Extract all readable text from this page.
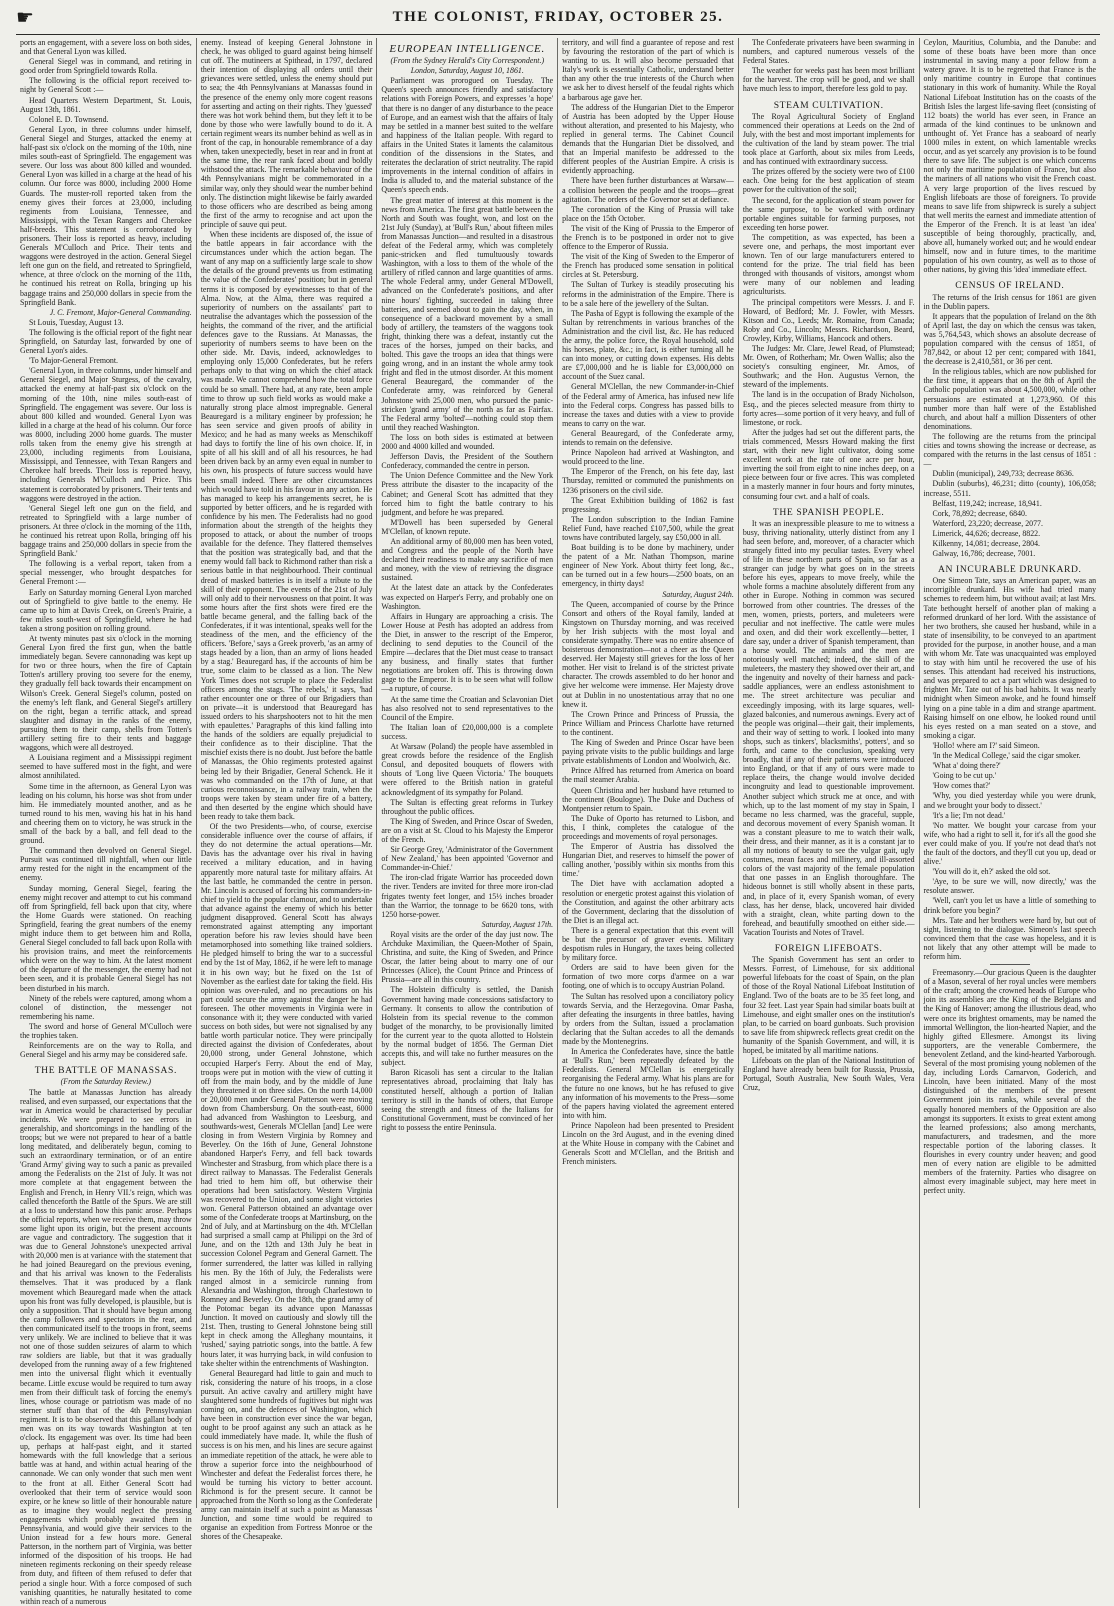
☛	THE COLONIST, FRIDAY, OCTOBER 25.

ports an engagement, with a severe loss on both sides, and that General Lyon was killed.

General Siegel was in command, and retiring in good order from Springfield towards Rolla.

The following is the official report received to-night by General Scott :—

Head Quarters Western Department, St. Louis, August 13th, 1861.

Colonel E. D. Townsend.

General Lyon, in three columns under himself, General Siegel and Sturges, attacked the enemy at half-past six o'clock on the morning of the 10th, nine miles south-east of Springfield. The engagement was severe. Our loss was about 800 killed and wounded. General Lyon was killed in a charge at the head of his column. Our force was 8000, including 2000 Home Guards. The muster-roll reported taken from the enemy gives their forces at 23,000, including regiments from Louisiana, Tennessee, and Mississippi, with the Texan Rangers and Cherokee half-breeds. This statement is corroborated by prisoners. Their loss is reported as heavy, including Generals M'Culloch and Price. Their tents and waggons were destroyed in the action. General Siegel left one gun on the field, and retreated to Springfield, whence, at three o'clock on the morning of the 11th, he continued his retreat on Rolla, bringing up his baggage trains and 250,000 dollars in specie from the Springfield Bank.

J. C. Fremont, Major-General Commanding.

St Louis, Tuesday, August 13.

The following is the official report of the fight near Springfield, on Saturday last, forwarded by one of General Lyon's aides.

'To Major-General Fremont.

'General Lyon, in three columns, under himself and General Siegel, and Major Sturgess, of the cavalry, attacked the enemy at half-past six o'clock on the morning of the 10th, nine miles south-east of Springfield. The engagement was severe. Our loss is about 800 killed and wounded. General Lyon was killed in a charge at the head of his column. Our force was 8000, including 2000 home guards. The muster rolls taken from the enemy give his strength at 23,000, including regiments from Louisiana, Mississippi, and Tennessee, with Texan Rangers and Cherokee half breeds. Their loss is reported heavy, including Generals M'Culloch and Price. This statement is corroborated by prisoners. Their tents and waggons were destroyed in the action.

'General Siegel left one gun on the field, and retreated to Springfield with a large number of prisoners. At three o'clock in the morning of the 11th, he continued his retreat upon Rolla, bringing off his baggage trains and 250,000 dollars in specie from the Springfield Bank.'

The following is a verbal report, taken from a special messenger, who brought despatches for General Fremont :—

Early on Saturday morning General Lyon marched out of Springfield to give battle to the enemy. He came up to him at Davis Creek, on Green's Prairie, a few miles south-west of Springfield, where he had taken a strong position on rolling ground.

At twenty minutes past six o'clock in the morning General Lyon fired the first gun, when the battle immediately began. Severe cannonading was kept up for two or three hours, when the fire of Captain Totten's artillery proving too severe for the enemy, they gradually fell back towards their encampment on Wilson's Creek. General Siegel's column, posted on the enemy's left flank, and General Siegel's artillery on the right, began a terrific attack, and spread slaughter and dismay in the ranks of the enemy, pursuing them to their camp, shells from Totten's artillery setting fire to their tents and baggage waggons, which were all destroyed.

A Louisiana regiment and a Mississippi regiment seemed to have suffered most in the fight, and were almost annihilated.

Some time in the afternoon, as General Lyon was leading on his column, his horse was shot from under him. He immediately mounted another, and as he turned round to his men, waving his hat in his hand and cheering them on to victory, he was struck in the small of the back by a ball, and fell dead to the ground.

The command then devolved on General Siegel. Pursuit was continued till nightfall, when our little army rested for the night in the encampment of the enemy.

Sunday morning, General Siegel, fearing the enemy might recover and attempt to cut his command off from Springfield, fell back upon that city, where the Home Guards were stationed. On reaching Springfield, fearing the great numbers of the enemy might induce them to get between him and Rolla, General Siegel concluded to fall back upon Rolla with his provision trains, and meet the reinforcements which were on the way to him. At the latest moment of the departure of the messenger, the enemy had not been seen, and it is probable General Siegel has not been disturbed in his march.

Ninety of the rebels were captured, among whom a colonel of distinction, the messenger not remembering his name.

The sword and horse of General M'Culloch were the trophies taken.

Reinforcements are on the way to Rolla, and General Siegel and his army may be considered safe.

THE BATTLE OF MANASSAS.

(From the Saturday Review.)

The battle at Manassas Junction has already realised, and even surpassed, our expectations that the war in America would be characterised by peculiar incidents. We were prepared to see errors in generalship, and shortcomings in the handling of the troops; but we were not prepared to hear of a battle long meditated, and deliberately begun, coming to such an extraordinary termination, or of an entire 'Grand Army' giving way to such a panic as prevailed among the Federalists on the 21st of July. It was not more complete at that engagement between the English and French, in Henry VII.'s reign, which was called thenceforth the Battle of the Spurs. We are still at a loss to understand how this panic arose. Perhaps the official reports, when we receive them, may throw some light upon its origin, but the present accounts are vague and contradictory. The suggestion that it was due to General Johnstone's unexpected arrival with 20,000 men is at variance with the statement that he had joined Beauregard on the previous evening, and that his arrival was known to the Federalists themselves. That it was produced by a flank movement which Beauregard made when the attack upon his front was fully developed, is plausible, but is only a supposition. That it should have begun among the camp followers and spectators in the rear, and then communicated itself to the troops in front, seems very unlikely. We are inclined to believe that it was not one of those sudden seizures of alarm to which raw soldiers are liable, but that it was gradually developed from the running away of a few frightened men into the universal flight which it eventually became. Little excuse would be required to turn away men from their difficult task of forcing the enemy's lines, whose courage or patriotism was made of no sterner stuff than that of the 4th Pennsylvanian regiment. It is to be observed that this gallant body of men was on its way towards Washington at ten o'clock. Its engagement was over. Its time had been up, perhaps at half-past eight, and it started homewards with the full knowledge that a serious battle was at hand, and within actual hearing of the cannonade. We can only wonder that such men went to the front at all. Either General Scott had overlooked that their term of service would soon expire, or he knew so little of their honourable nature as to imagine they would neglect the pressing engagements which probably awaited them in Pennsylvania, and would give their services to the Union instead for a few hours more. General Patterson, in the northern part of Virginia, was better informed of the disposition of his troops. He had nineteen regiments reckoning on their speedy release from duty, and fifteen of them refused to defer that period a single hour. With a force composed of such vanishing quantities, he naturally hesitated to come within reach of a numerous

enemy. Instead of keeping General Johnstone in check, he was obliged to guard against being himself cut off. The mutineers at Spithead, in 1797, declared their intention of displaying all orders until their grievances were settled, unless the enemy should put to sea; the 4th Pennsylvanians at Manassas found in the presence of the enemy only more cogent reasons for asserting and acting on their rights. They 'guessed' there was hot work behind them, but they left it to be done by those who were lawfully bound to do it. A certain regiment wears its number behind as well as in front of the cap, in honourable remembrance of a day when, taken unexpectedly, beset in rear and in front at the same time, the rear rank faced about and boldly withstood the attack. The remarkable behaviour of the 4th Pennsylvanians might be commemorated in a similar way, only they should wear the number behind only. The distinction might likewise be fairly awarded to those officers who are described as being among the first of the army to recognise and act upon the principle of sauve qui peut.

When these incidents are disposed of, the issue of the battle appears in fair accordance with the circumstances under which the action began. The want of any map on a sufficiently large scale to show the details of the ground prevents us from estimating the value of the Confederates' position; but in general terms it is composed by eyewitnesses to that of the Alma. Now, at the Alma, there was required a superiority of numbers on the assailants' part to neutralise the advantages which the possession of the heights, the command of the river, and the artificial defences gave to the Russians. At Manassas, the superiority of numbers seems to have been on the other side. Mr. Davis, indeed, acknowledges to employing only 15,000 Confederates, but he refers perhaps only to that wing on which the chief attack was made. We cannot comprehend how the total force could be so small. There had, at any rate, been ample time to throw up such field works as would make a naturally strong place almost impregnable. General Beauregard is a military engineer by profession; he has seen service and given proofs of ability in Mexico; and he had as many weeks as Menschikoff had days to fortify the line of his own choice. If, in spite of all his skill and of all his resources, he had been driven back by an army even equal in number to his own, his prospects of future success would have been small indeed. There are other circumstances which would have told in his favour in any action. He has managed to keep his arrangements secret, he is supported by better officers, and he is regarded with confidence by his men. The Federalists had no good information about the strength of the heights they proposed to attack, or about the number of troops available for the defence. They flattered themselves that the position was strategically bad, and that the enemy would fall back to Richmond rather than risk a serious battle in that neighbourhood. Their continual dread of masked batteries is in itself a tribute to the skill of their opponent. The events of the 21st of July will only add to their nervousness on that point. It was some hours after the first shots were fired ere the battle became general, and the falling back of the Confederates, if it was intentional, speaks well for the steadiness of the men, and the efficiency of the officers. 'Before,' says a Greek proverb, 'as an army of stags headed by a lion, than an army of lions headed by a stag.' Beauregard has, if the accounts of him be true, some claim to be classed as a lion. The New York Times does not scruple to place the Federalist officers among the stags. 'The rebels,' it says, 'had rather encounter one or three of our Brigadiers than on private—it is understood that Beauregard has issued orders to his sharpshooters not to hit the men with epaulettes.' Paragraphs of this kind falling into the hands of the soldiers are equally prejudicial to their confidence as to their discipline. That the mischief exists there is no doubt. Just before the battle of Manassas, the Ohio regiments protested against being led by their Brigadier, General Schenck. He it was who commanded on the 17th of June, at that curious reconnoissance, in a railway train, when the troops were taken by steam under fire of a battery, and then deserted by the engine which should have been ready to take them back.

Of the two Presidents—who, of course, exercise considerable influence over the course of affairs, if they do not determine the actual operations—Mr. Davis has the advantage over his rival in having received a military education, and in having apparently more natural taste for military affairs. At the last battle, he commanded the centre in person. Mr. Lincoln is accused of forcing his commanders-in-chief to yield to the popular clamour, and to undertake that advance against the enemy of which his better judgment disapproved. General Scott has always remonstrated against attempting any important operation before his raw levies should have been metamorphosed into something like trained soldiers. He pledged himself to bring the war to a successful end by the 1st of May, 1862, if he were left to manage it in his own way; but he fixed on the 1st of November as the earliest date for taking the field. His opinion was over-ruled, and no precautions on his part could secure the army against the danger he had foreseen. The other movements in Virginia were in consonance with it; they were conducted with varied success on both sides, but were not signalised by any battle worth particular notice. They were principally directed against the division of Confederates, about 20,000 strong, under General Johnstone, which occupied Harper's Ferry. About the end of May, troops were put in motion with the view of cutting it off from the main body, and by the middle of June they threatened it on three sides. On the north 14,000 or 20,000 men under General Patterson were moving down from Chambersburg. On the south-east, 6000 had advanced from Washington to Leesburg, and southwards-west, Generals M'Clellan [and] Lee were closing in from Western Virginia by Romney and Beverley. On the 16th of June, General Johnstone abandoned Harper's Ferry, and fell back towards Winchester and Strasburg, from which place there is a direct railway to Manassas. The Federalist Generals had tried to hem him off, but otherwise their operations had been satisfactory. Western Virginia was recovered to the Union, and some slight victories won. General Patterson obtained an advantage over some of the Confederate troops at Martinsburg, on the 2nd of July, and at Martinsburg on the 4th. M'Clellan had surprised a small camp at Philippi on the 3rd of June, and on the 12th and 13th July he beat in succession Colonel Pegram and General Garnett. The former surrendered, the latter was killed in rallying his men. By the 16th of July, the Federalists were ranged almost in a semicircle running from Alexandria and Washington, through Charlestown to Romney and Beverley. On the 18th, the grand army of the Potomac began its advance upon Manassas Junction. It moved on cautiously and slowly till the 21st. Then, trusting to General Johnstone being still kept in check among the Alleghany mountains, it 'rushed,' saying patriotic songs, into the battle. A few hours later, it was hurrying back, in wild confusion to take shelter within the entrenchments of Washington.

General Beauregard had little to gain and much to risk, considering the nature of his troops, in a close pursuit. An active cavalry and artillery might have slaughtered some hundreds of fugitives but night was coming on, and the defences of Washington, which have been in construction ever since the war began, ought to be proof against any such an attack as he could immediately have made. It, while the flush of success is on his men, and his lines are secure against an immediate repetition of the attack, he were able to throw a superior force into the neighbourhood of Winchester and defeat the Federalist forces there, he would be turning his victory to better account. Richmond is for the present secure. It cannot be approached from the North so long as the Confederate army can maintain itself at such a point as Manassas Junction, and some time would be required to organise an expedition from Fortress Monroe or the shores of the Chesapeake.

EUROPEAN INTELLIGENCE.

(From the Sydney Herald's City Correspondent.)

London, Saturday, August 10, 1861.

Parliament was prorogued on Tuesday. The Queen's speech announces friendly and satisfactory relations with Foreign Powers, and expresses 'a hope' that there is no danger of any disturbance to the peace of Europe, and an earnest wish that the affairs of Italy may be settled in a manner best suited to the welfare and happiness of the Italian people. With regard to affairs in the United States it laments the calamitous condition of the dissensions in the States, and reiterates the declaration of strict neutrality. The rapid improvements in the internal condition of affairs in India is alluded to, and the material substance of the Queen's speech ends.

The great matter of interest at this moment is the news from America. The first great battle between the North and South was fought, won, and lost on the 21st July (Sunday), at 'Bull's Run,' about fifteen miles from Manassas Junction—and resulted in a disastrous defeat of the Federal army, which was completely panic-stricken and fled tumultuously towards Washington, with a loss to them of the whole of the artillery of rifled cannon and large quantities of arms. The whole Federal army, under General M'Dowell, advanced on the Confederate's positions, and after nine hours' fighting, succeeded in taking three batteries, and seemed about to gain the day, when, in consequence of a backward movement by a small body of artillery, the teamsters of the waggons took fright, thinking there was a defeat, instantly cut the traces of the horses, jumped on their backs, and bolted. This gave the troops an idea that things were going wrong, and in an instant the whole army took fright and fled in the utmost disorder. At this moment General Beauregard, the commander of the Confederate army, was reinforced by General Johnstone with 25,000 men, who pursued the panic-stricken 'grand army' of the north as far as Fairfax. The Federal army 'bolted'—nothing could stop them until they reached Washington.

The loss on both sides is estimated at between 2000 and 4000 killed and wounded.

Jefferson Davis, the President of the Southern Confederacy, commanded the centre in person.

The Union Defence Committee and the New York Press attribute the disaster to the incapacity of the Cabinet; and General Scott has admitted that they forced him to fight the battle contrary to his judgment, and before he was prepared.

M'Dowell has been superseded by General M'Clellan, of known repute.

An additional army of 80,000 men has been voted, and Congress and the people of the North have declared their readiness to make any sacrifice of men and money, with the view of retrieving the disgrace sustained.

At the latest date an attack by the Confederates was expected on Harper's Ferry, and probably one on Washington.

Affairs in Hungary are approaching a crisis. The Lower House at Pesth has adopted an address from the Diet, in answer to the rescript of the Emperor, declining to send deputies to the Council of the Empire —declares that the Diet must cease to transact any business, and finally states that further negotiations are broken off. This is throwing down gage to the Emperor. It is to be seen what will follow—a rupture, of course.

At the same time the Croatian and Sclavonian Diet has also resolved not to send representatives to the Council of the Empire.

The Italian loan of £20,000,000 is a complete success.

At Warsaw (Poland) the people have assembled in great crowds before the residence of the English Consul, and deposited bouquets of flowers with shouts of 'Long live Queen Victoria.' The bouquets were offered to the British nation in grateful acknowledgment of its sympathy for Poland.

The Sultan is effecting great reforms in Turkey throughout the public offices.

The King of Sweden, and Prince Oscar of Sweden, are on a visit at St. Cloud to his Majesty the Emperor of the French.

Sir George Grey, 'Administrator of the Government of New Zealand,' has been appointed 'Governor and Commander-in-Chief.'

The iron-clad frigate Warrior has proceeded down the river. Tenders are invited for three more iron-clad frigates twenty feet longer, and 15½ inches broader than the Warrior, the tonnage to be 6620 tons, with 1250 horse-power.

Saturday, August 17th.

Royal visits are the order of the day just now. The Archduke Maximilian, the Queen-Mother of Spain, Christina, and suite, the King of Sweden, and Prince Oscar, the latter being about to marry one of our Princesses (Alice), the Count Prince and Princess of Prussia—are all in this country.

The Holstein difficulty is settled, the Danish Government having made concessions satisfactory to Germany. It consents to allow the contribution of Holstein from its special revenue to the common budget of the monarchy, to be provisionally limited for the current year to the quota allotted to Holstein by the normal budget of 1856. The German Diet accepts this, and will take no further measures on the subject.

Baron Ricasoli has sent a circular to the Italian representatives abroad, proclaiming that Italy has constituted herself, although a portion of Italian territory is still in the hands of others, that Europe seeing the strength and fitness of the Italians for Constitutional Government, must be convinced of her right to possess the entire Peninsula.

territory, and will find a guarantee of repose and rest by favouring the restoration of the part of which is wanting to us. It will also become persuaded that Italy's work is essentially Catholic, understand better than any other the true interests of the Church when we ask her to divest herself of the feudal rights which a barbarous age gave her.

The address of the Hungarian Diet to the Emperor of Austria has been adopted by the Upper House without alteration, and presented to his Majesty, who replied in general terms. The Cabinet Council demands that the Hungarian Diet be dissolved, and that an Imperial manifesto be addressed to the different peoples of the Austrian Empire. A crisis is evidently approaching.

There have been further disturbances at Warsaw—a collision between the people and the troops—great agitation. The orders of the Governor set at defiance.

The coronation of the King of Prussia will take place on the 15th October.

The visit of the King of Prussia to the Emperor of the French is to be postponed in order not to give offence to the Emperor of Russia.

The visit of the King of Sweden to the Emperor of the French has produced some sensation in political circles at St. Petersburg.

The Sultan of Turkey is steadily prosecuting his reforms in the administration of the Empire. There is to be a sale here of the jewellery of the Sultan.

The Pasha of Egypt is following the example of the Sultan by retrenchments in various branches of the Administration and the civil list, &c. He has reduced the army, the police force, the Royal household, sold his horses, plate, &c.; in fact, is either turning all he can into money, or cutting down expenses. His debts are £7,000,000 and he is liable for £3,000,000 on account of the Suez canal.

General M'Clellan, the new Commander-in-Chief of the Federal army of America, has infused new life into the Federal corps. Congress has passed bills to increase the taxes and duties with a view to provide means to carry on the war.

General Beauregard, of the Confederate army, intends to remain on the defensive.

Prince Napoleon had arrived at Washington, and would proceed to the line.

The Emperor of the French, on his fete day, last Thursday, remitted or commuted the punishments on 1236 prisoners on the civil side.

The Great Exhibition building of 1862 is fast progressing.

The London subscription to the Indian Famine Relief Fund, have reached £107,500, while the great towns have contributed largely, say £50,000 in all.

Boat building is to be done by machinery, under the patent of a Mr. Nathan Thompson, marine engineer of New York. About thirty feet long, &c., can be turned out in a few hours—2500 boats, on an emergency, in thirty days!

Saturday, August 24th.

The Queen, accompanied of course by the Prince Consort and others of the Royal family, landed at Kingstown on Thursday morning, and was received by her Irish subjects with the most loyal and considerate sympathy. There was no entire absence of boisterous demonstration—not a cheer as the Queen deserved. Her Majesty still grieves for the loss of her mother. Her visit to Ireland is of the strictest private character. The crowds assembled to do her honor and give her welcome were immense. Her Majesty drove out at Dublin in no unostentatious array that no one knew it.

The Crown Prince and Princess of Prussia, the Prince William and Princess Charlotte have returned to the continent.

The King of Sweden and Prince Oscar have been paying private visits to the public buildings and large private establishments of London and Woolwich, &c.

Prince Alfred has returned from America on board the mail steamer Arabia.

Queen Christina and her husband have returned to the continent (Boulogne). The Duke and Duchess of Montpensier return to Spain.

The Duke of Oporto has returned to Lisbon, and this, I think, completes the catalogue of the proceedings and movements of royal personages.

The Emperor of Austria has dissolved the Hungarian Diet, and reserves to himself the power of calling another, 'possibly within six months from this time.'

The Diet have with acclamation adopted a resolution or energetic protest against this violation of the Constitution, and against the other arbitrary acts of the Government, declaring that the dissolution of the Diet is an illegal act.

There is a general expectation that this event will be but the precursor of graver events. Military despotism rules in Hungary, the taxes being collected by military force.

Orders are said to have been given for the formation of two more corps d'armee on a war footing, one of which is to occupy Austrian Poland.

The Sultan has resolved upon a conciliatory policy towards Servia, and the Herzegovina. Omar Pasha, after defeating the insurgents in three battles, having by orders from the Sultan, issued a proclamation declaring that the Sultan accedes to all the demands made by the Montenegrins.

In America the Confederates have, since the battle at 'Bull's Run,' been repeatedly defeated by the Federalists. General M'Clellan is energetically reorganising the Federal army. What his plans are for the future no one knows, but he has refused to give any information of his movements to the Press—some of the papers having violated the agreement entered into with him.

Prince Napoleon had been presented to President Lincoln on the 3rd August, and in the evening dined at the White House in company with the Cabinet and Generals Scott and M'Clellan, and the British and French ministers.

The Confederate privateers have been swarming in numbers, and captured numerous vessels of the Federal States.

The weather for weeks past has been most brilliant for the harvest. The crop will be good, and we shall have much less to import, therefore less gold to pay.

STEAM CULTIVATION.

The Royal Agricultural Society of England commenced their operations at Leeds on the 2nd of July, with the best and most important implements for the cultivation of the land by steam power. The trial took place at Garforth, about six miles from Leeds, and has continued with extraordinary success.

The prizes offered by the society were two of £100 each. One being for the best application of steam power for the cultivation of the soil;

The second, for the application of steam power for the same purpose, to be worked with ordinary portable engines suitable for farming purposes, not exceeding ten horse power.

The competition, as was expected, has been a severe one, and perhaps, the most important ever known. Ten of our large manufacturers entered to contend for the prize. The trial field has been thronged with thousands of visitors, amongst whom were many of our noblemen and leading agriculturists.

The principal competitors were Messrs. J. and F. Howard, of Bedford; Mr. J. Fowler, with Messrs. Kitson and Co., Leeds; Mr. Romaine, from Canada; Roby and Co., Lincoln; Messrs. Richardson, Beard, Crowley, Kirby, Williams, Hancock and others.

The Judges: Mr. Clare, Jewel Read, of Plumstead; Mr. Owen, of Rotherham; Mr. Owen Wallis; also the society's consulting engineer, Mr. Amos, of Southwark; and the Hon. Augustus Vernon, the steward of the implements.

The land is in the occupation of Brady Nicholson, Esq., and the pieces selected measure from thirty to forty acres—some portion of it very heavy, and full of limestone, or rock.

After the judges had set out the different parts, the trials commenced, Messrs Howard making the first start, with their new light cultivator, doing some excellent work at the rate of one acre per hour, inverting the soil from eight to nine inches deep, on a piece between four or five acres. This was completed in a masterly manner in four hours and forty minutes, consuming four cwt. and a half of coals.

THE SPANISH PEOPLE.

It was an inexpressible pleasure to me to witness a busy, thriving nationality, utterly distinct from any I had seen before, and, moreover, of a character which strangely fitted into my peculiar tastes. Every wheel of life in these northern parts of Spain, so far as a stranger can judge by what goes on in the streets before his eyes, appears to move freely, while the whole forms a machine absolutely different from any other in Europe. Nothing in common was secured borrowed from other countries. The dresses of the men, women, priests, porters, and muleteers were peculiar and not ineffective. The cattle were mules and oxen, and did their work excellently—better, I dare say, under a driver of Spanish temperament, than a horse would. The animals and the men are notoriously well matched; indeed, the skill of the muleteers, the mastery they showed over their art, and the ingenuity and novelty of their harness and pack-saddle appliances, were an endless astonishment to me. The street architecture was peculiar and exceedingly imposing, with its large squares, well-glazed balconies, and numerous awnings. Every act of the people was original—their gait, their implements, and their way of setting to work. I looked into many shops, such as tinkers', blacksmiths', potters', and so forth, and came to the conclusion, speaking very broadly, that if any of their patterns were introduced into England, or that if any of ours were made to replace theirs, the change would involve decided incongruity and lead to questionable improvement. Another subject which struck me at once, and with which, up to the last moment of my stay in Spain, I became no less charmed, was the graceful, supple, and decorous movement of every Spanish woman. It was a constant pleasure to me to watch their walk, their dress, and their manner, as it is a constant jar to all my notions of beauty to see the vulgar gait, ugly costumes, mean faces and millinery, and ill-assorted colors of the vast majority of the female population that one passes in an English thoroughfare. The hideous bonnet is still wholly absent in these parts, and, in place of it, every Spanish woman, of every class, has her dense, black, uncovered hair divided with a straight, clean, white parting down to the forehead, and beautifully smoothed on either side.—Vacation Tourists and Notes of Travel.

FOREIGN LIFEBOATS.

The Spanish Government has sent an order to Messrs. Forrest, of Limehouse, for six additional powerful lifeboats for the coast of Spain, on the plan of those of the Royal National Lifeboat Institution of England. Two of the boats are to be 35 feet long, and four 32 feet. Last year Spain had similar boats built at Limehouse, and eight smaller ones on the institution's plan, to be carried on board gunboats. Such provision to save life from shipwreck reflects great credit on the humanity of the Spanish Government, and will, it is hoped, be imitated by all maritime nations.

Lifeboats on the plan of the National Institution of England have already been built for Russia, Prussia, Portugal, South Australia, New South Wales, Vera Cruz,

Ceylon, Mauritius, Columbia, and the Danube: and some of these boats have been more than once instrumental in saving many a poor fellow from a watery grave. It is to be regretted that France is the only maritime country in Europe that continues stationary in this work of humanity. While the Royal National Lifeboat Institution has on the coasts of the British Isles the largest life-saving fleet (consisting of 112 boats) the world has ever seen, in France an armada of the kind continues to be unknown and unthought of. Yet France has a seaboard of nearly 1000 miles in extent, on which lamentable wrecks occur, and as yet scarcely any provision is to be found there to save life. The subject is one which concerns not only the maritime population of France, but also the mariners of all nations who visit the French coast. A very large proportion of the lives rescued by English lifeboats are those of foreigners. To provide means to save life from shipwreck is surely a subject that well merits the earnest and immediate attention of the Emperor of the French. It is at least 'an idea' susceptible of being thoroughly, practically, and, above all, humanely worked out; and he would endear himself, now and in future times, to the maritime population of his own country, as well as to those of other nations, by giving this 'idea' immediate effect.

CENSUS OF IRELAND.

The returns of the Irish census for 1861 are given in the Dublin papers.

It appears that the population of Ireland on the 8th of April last, the day on which the census was taken, was 5,764,543, which shows an absolute decrease of population compared with the census of 1851, of 787,842, or about 12 per cent; compared with 1841, the decrease is 2,410,581, or 36 per cent.

In the religious tables, which are now published for the first time, it appears that on the 8th of April the Catholic population was about 4,500,000, while other persuasions are estimated at 1,273,960. Of this number more than half were of the Established church, and about half a million Dissenters of other denominations.

The following are the returns from the principal cities and towns showing the increase or decrease, as compared with the returns in the last census of 1851 :—

Dublin (municipal), 249,733; decrease 8636.

Dublin (suburbs), 46,231; ditto (county), 106,058; increase, 5511.

Belfast, 119,242; increase, 18,941.

Cork, 78,892; decrease, 6840.

Waterford, 23,220; decrease, 2077.

Limerick, 44,626; decrease, 8822.

Kilkenny, 14,081; decrease, 2804.

Galway, 16,786; decrease, 7001.

AN INCURABLE DRUNKARD.

One Simeon Tate, says an American paper, was an incorrigible drunkard. His wife had tried many schemes to redeem him, but without avail; at last Mrs. Tate bethought herself of another plan of making a reformed drunkard of her lord. With the assistance of her two brothers, she caused her husband, while in a state of insensibility, to be conveyed to an apartment provided for the purpose, in another house, and a man with whom Mr. Tate was unacquainted was employed to stay with him until he recovered the use of his senses. This attendant had received his instructions, and was prepared to act a part which was designed to frighten Mr. Tate out of his bad habits. It was nearly midnight when Simeon awoke, and he found himself lying on a pine table in a dim and strange apartment. Raising himself on one elbow, he looked round until his eyes rested on a man seated on a stove, and smoking a cigar.

'Hollo! where am I?' said Simeon.

'In the Medical College,' said the cigar smoker.

'What a' doing there?'

'Going to be cut up.'

'How comes that?'

'Why, you died yesterday while you were drunk, and we brought your body to dissect.'

'It's a lie; I'm not dead.'

'No matter. We bought your carcase from your wife, who had a right to sell it, for it's all the good she ever could make of you. If you're not dead that's not the fault of the doctors, and they'll cut you up, dead or alive.'

'You will do it, eh?' asked the old sot.

'Aye, to be sure we will, now directly,' was the resolute answer.

'Well, can't you let us have a little of something to drink before you begin?'

Mrs. Tate and her brothers were hard by, but out of sight, listening to the dialogue. Simeon's last speech convinced them that the case was hopeless, and it is not likely that any other attempt will be made to reform him.

Freemasonry.—Our gracious Queen is the daughter of a Mason, several of her royal uncles were members of the craft; among the crowned heads of Europe who join its assemblies are the King of the Belgians and the King of Hanover; among the illustrious dead, who were once its brightest ornaments, may be named the immortal Wellington, the lion-hearted Napier, and the highly gifted Ellesmere. Amongst its living supporters, are the venerable Combermere, the benevolent Zetland, and the kind-hearted Yarborough. Several of the most promising young noblemen of the day, including Lords Carnarvon, Goderich, and Lincoln, have been initiated. Many of the most distinguished of the members of the present Government join its ranks, while several of the equally honored members of the Opposition are also amongst its supporters. It exists to great extent among the learned professions; also among merchants, manufacturers, and tradesmen, and the more respectable portion of the laboring classes. It flourishes in every country under heaven; and good men of every nation are eligible to be admitted members of the fraternity. Parties who disagree on almost every imaginable subject, may here meet in perfect unity.
